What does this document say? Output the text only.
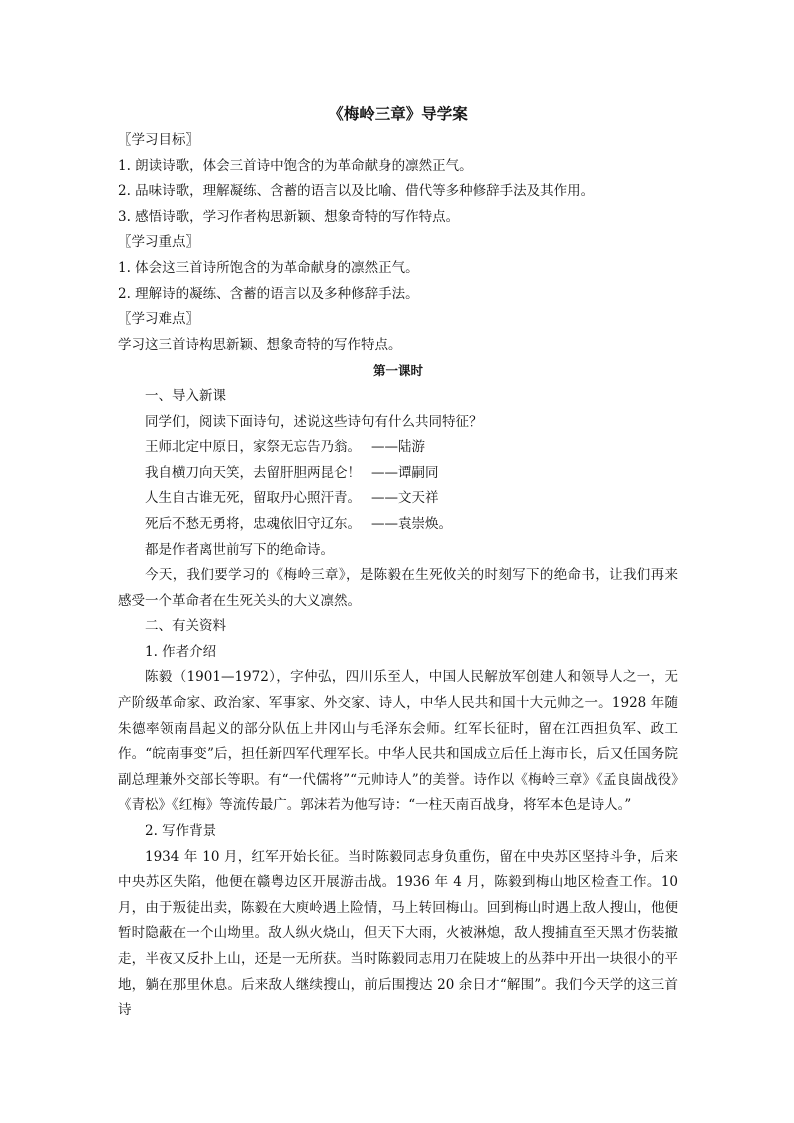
《梅岭三章》导学案

〖学习目标〗

1. 朗读诗歌，体会三首诗中饱含的为革命献身的凛然正气。

2. 品味诗歌，理解凝练、含蓄的语言以及比喻、借代等多种修辞手法及其作用。

3. 感悟诗歌，学习作者构思新颖、想象奇特的写作特点。

〖学习重点〗

1. 体会这三首诗所饱含的为革命献身的凛然正气。

2. 理解诗的凝练、含蓄的语言以及多种修辞手法。

〖学习难点〗

学习这三首诗构思新颖、想象奇特的写作特点。

第一课时

一、导入新课

同学们，阅读下面诗句，述说这些诗句有什么共同特征？

王师北定中原日，家祭无忘告乃翁。 ——陆游

我自横刀向天笑，去留肝胆两昆仑！ ——谭嗣同

人生自古谁无死，留取丹心照汗青。 ——文天祥

死后不愁无勇将，忠魂依旧守辽东。 ——袁崇焕。

都是作者离世前写下的绝命诗。

今天，我们要学习的《梅岭三章》，是陈毅在生死攸关的时刻写下的绝命书，让我们再来感受一个革命者在生死关头的大义凛然。

二、有关资料

1. 作者介绍

陈毅（1901—1972），字仲弘，四川乐至人，中国人民解放军创建人和领导人之一，无产阶级革命家、政治家、军事家、外交家、诗人，中华人民共和国十大元帅之一。1928 年随朱德率领南昌起义的部分队伍上井冈山与毛泽东会师。红军长征时，留在江西担负军、政工作。“皖南事变”后，担任新四军代理军长。中华人民共和国成立后任上海市长，后又任国务院副总理兼外交部长等职。有“一代儒将”“元帅诗人”的美誉。诗作以《梅岭三章》《孟良崮战役》《青松》《红梅》等流传最广。郭沫若为他写诗：“一柱天南百战身，将军本色是诗人。”

2. 写作背景

1934 年 10 月，红军开始长征。当时陈毅同志身负重伤，留在中央苏区坚持斗争，后来中央苏区失陷，他便在赣粤边区开展游击战。1936 年 4 月，陈毅到梅山地区检查工作。10 月，由于叛徒出卖，陈毅在大庾岭遇上险情，马上转回梅山。回到梅山时遇上敌人搜山，他便暂时隐蔽在一个山坳里。敌人纵火烧山，但天下大雨，火被淋熄，敌人搜捕直至天黑才伤装撤走，半夜又反扑上山，还是一无所获。当时陈毅同志用刀在陡坡上的丛莽中开出一块很小的平地，躺在那里休息。后来敌人继续搜山，前后围搜达 20 余日才“解围”。我们今天学的这三首诗
